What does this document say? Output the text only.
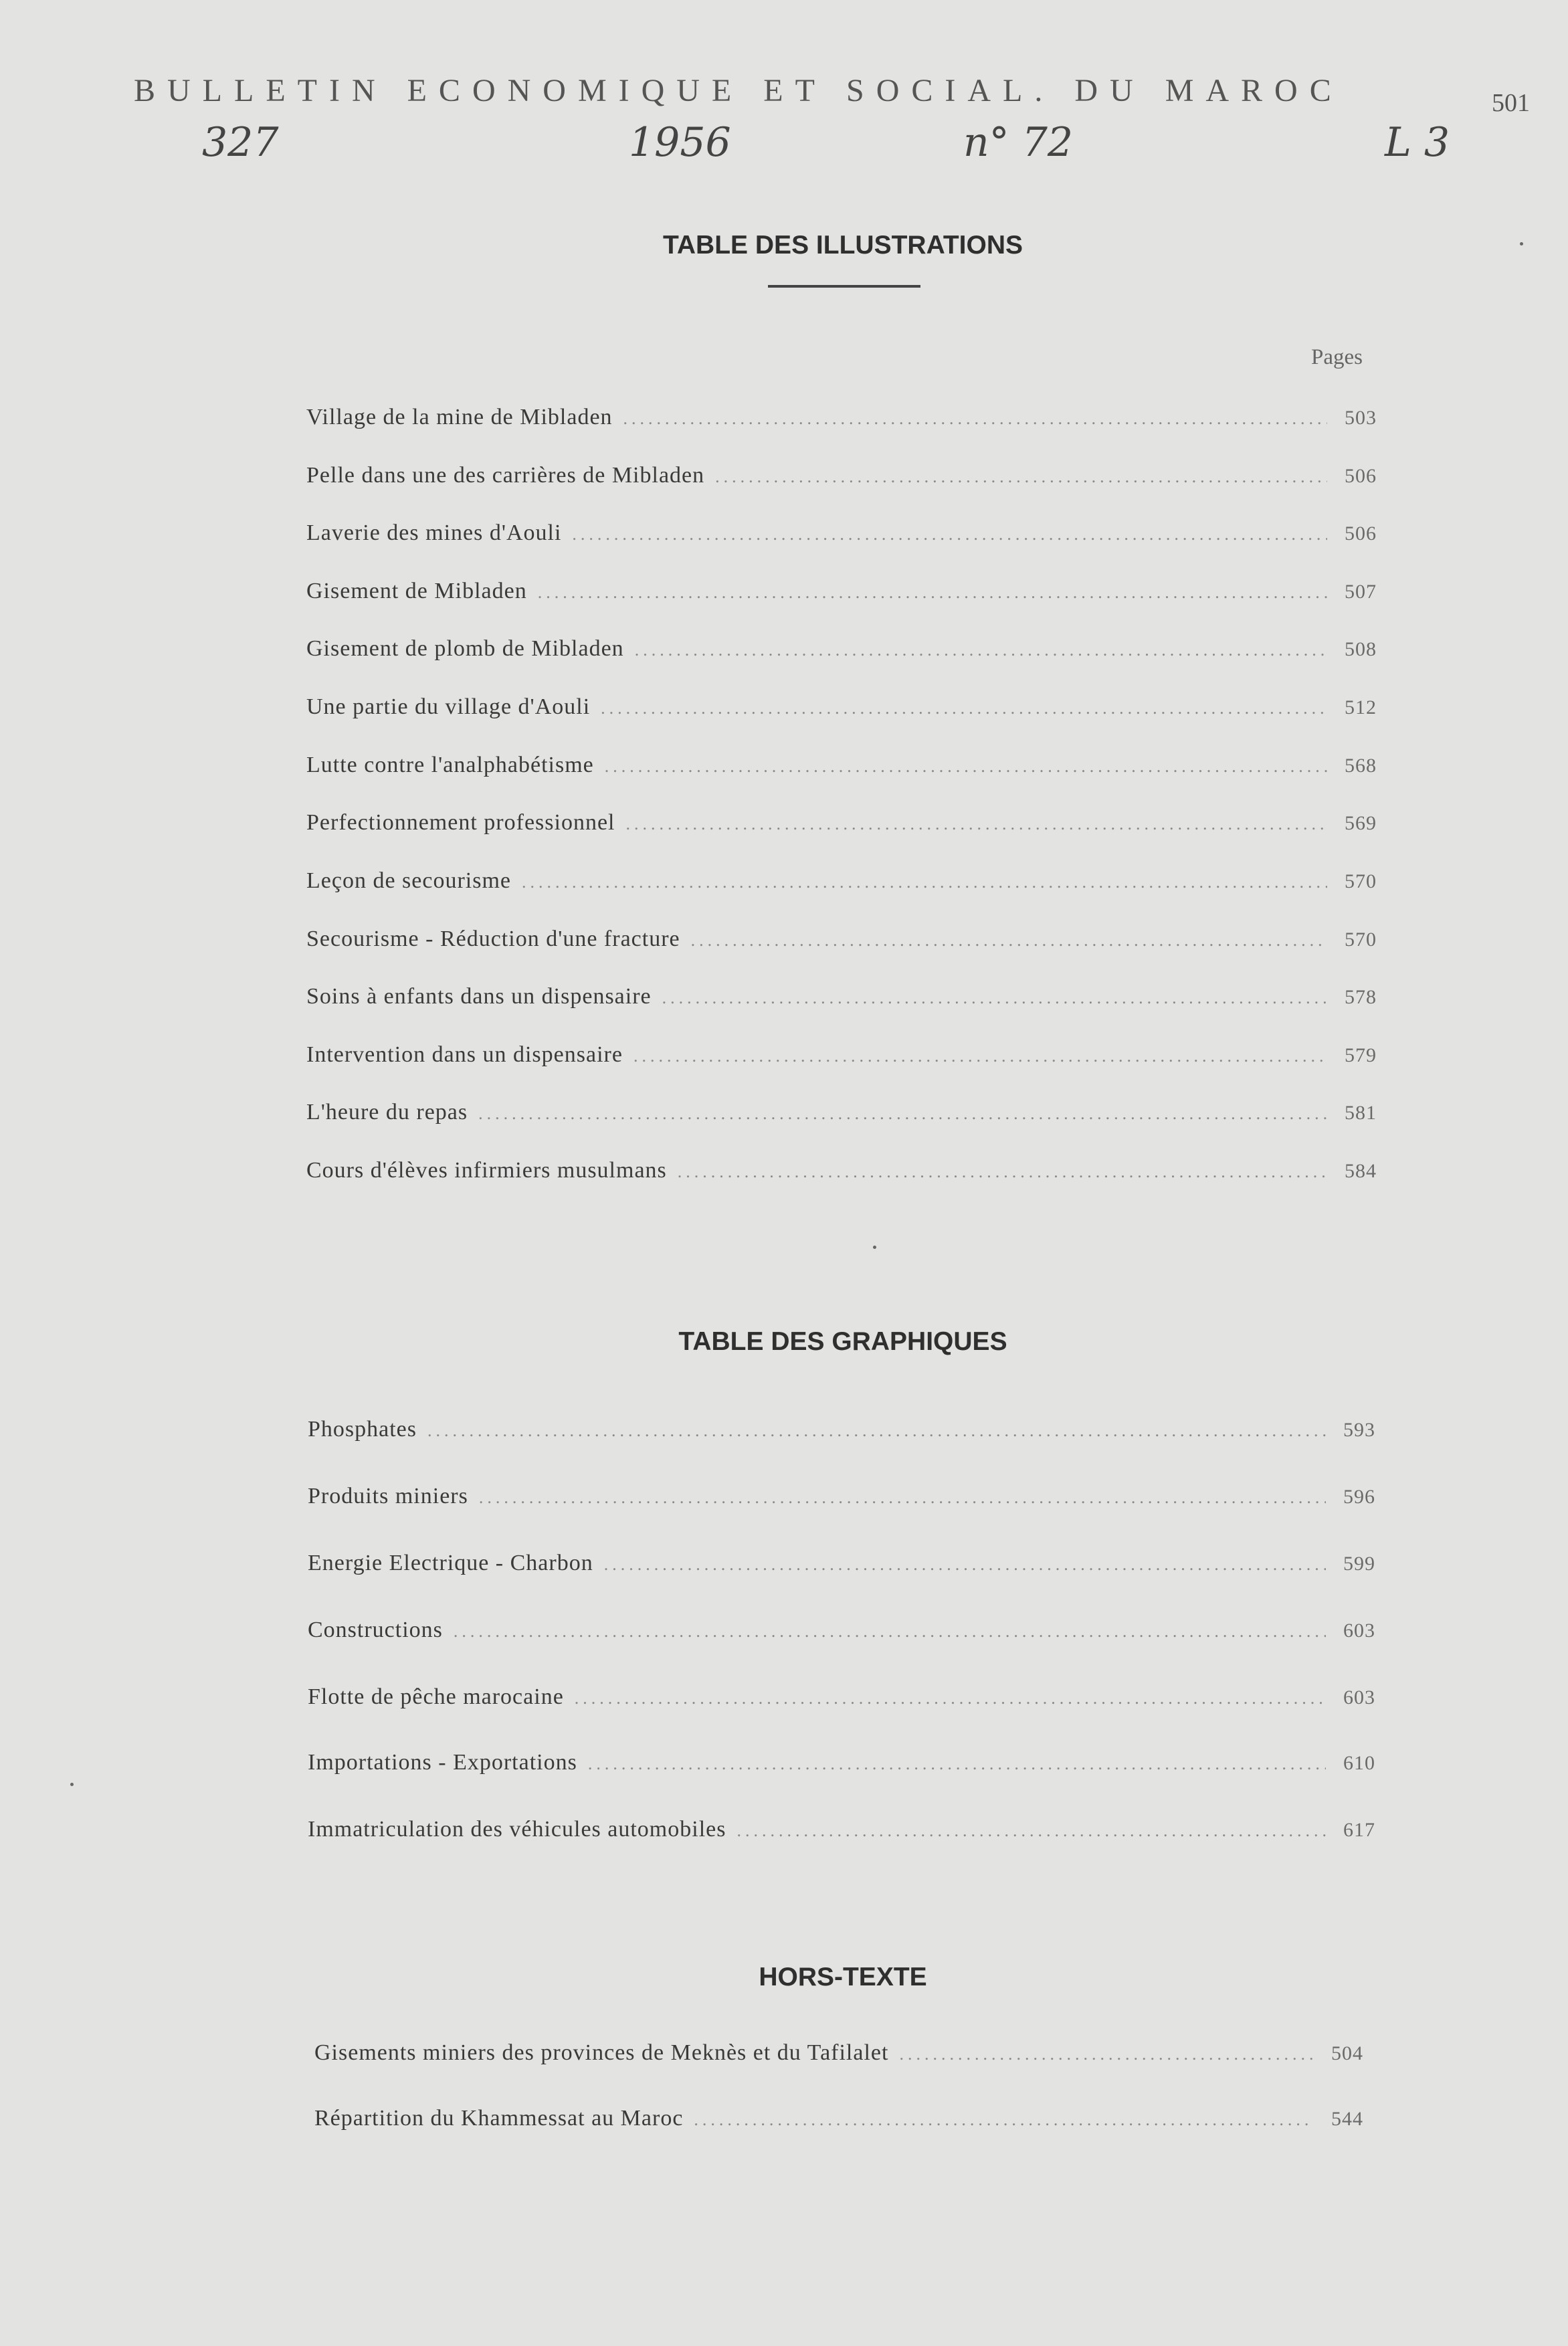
BULLETIN ECONOMIQUE ET SOCIAL. DU MAROC	501
327	1956	n° 72	L 3
TABLE DES ILLUSTRATIONS
Pages
Village de la mine de Mibladen .....	503
Pelle dans une des carrières de Mibladen .....	506
Laverie des mines d'Aouli .....	506
Gisement de Mibladen .....	507
Gisement de plomb de Mibladen .....	508
Une partie du village d'Aouli .....	512
Lutte contre l'analphabétisme .....	568
Perfectionnement professionnel .....	569
Leçon de secourisme .....	570
Secourisme - Réduction d'une fracture .....	570
Soins à enfants dans un dispensaire .....	578
Intervention dans un dispensaire .....	579
L'heure du repas .....	581
Cours d'élèves infirmiers musulmans .....	584
TABLE DES GRAPHIQUES
Phosphates .....	593
Produits miniers .....	596
Energie Electrique - Charbon .....	599
Constructions .....	603
Flotte de pêche marocaine .....	603
Importations - Exportations .....	610
Immatriculation des véhicules automobiles .....	617
HORS-TEXTE
Gisements miniers des provinces de Meknès et du Tafilalet .....	504
Répartition du Khammessat au Maroc .....	544
